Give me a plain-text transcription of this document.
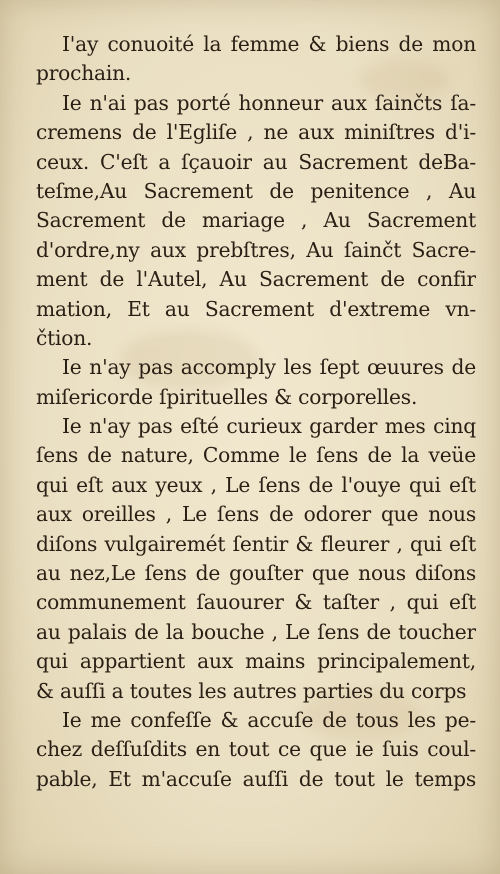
I'ay conuoité la femme & biens de mon
prochain.
Ie n'ai pas porté honneur aux ſainčts ſa-
cremens de l'Egliſe , ne aux miniſtres d'i-
ceux. C'eſt a ſçauoir au Sacrement deBa-
teſme,Au Sacrement de penitence , Au
Sacrement de mariage , Au Sacrement
d'ordre,ny aux prebſtres, Au ſainčt Sacre-
ment de l'Autel, Au Sacrement de confir
mation, Et au Sacrement d'extreme vn-
čtion.
Ie n'ay pas accomply les ſept œuures de
miſericorde ſpirituelles & corporelles.
Ie n'ay pas eſté curieux garder mes cinq
ſens de nature, Comme le ſens de la veüe
qui eſt aux yeux , Le ſens de l'ouye qui eſt
aux oreilles , Le ſens de odorer que nous
diſons vulgairemét ſentir & fleurer , qui eſt
au nez,Le ſens de gouſter que nous diſons
communement ſauourer & taſter , qui eſt
au palais de la bouche , Le ſens de toucher
qui appartient aux mains principalement,
& auſſi a toutes les autres parties du corps
Ie me confeſſe & accuſe de tous les pe-
chez deſſuſdits en tout ce que ie ſuis coul-
pable, Et m'accuſe auſſi de tout le temps
